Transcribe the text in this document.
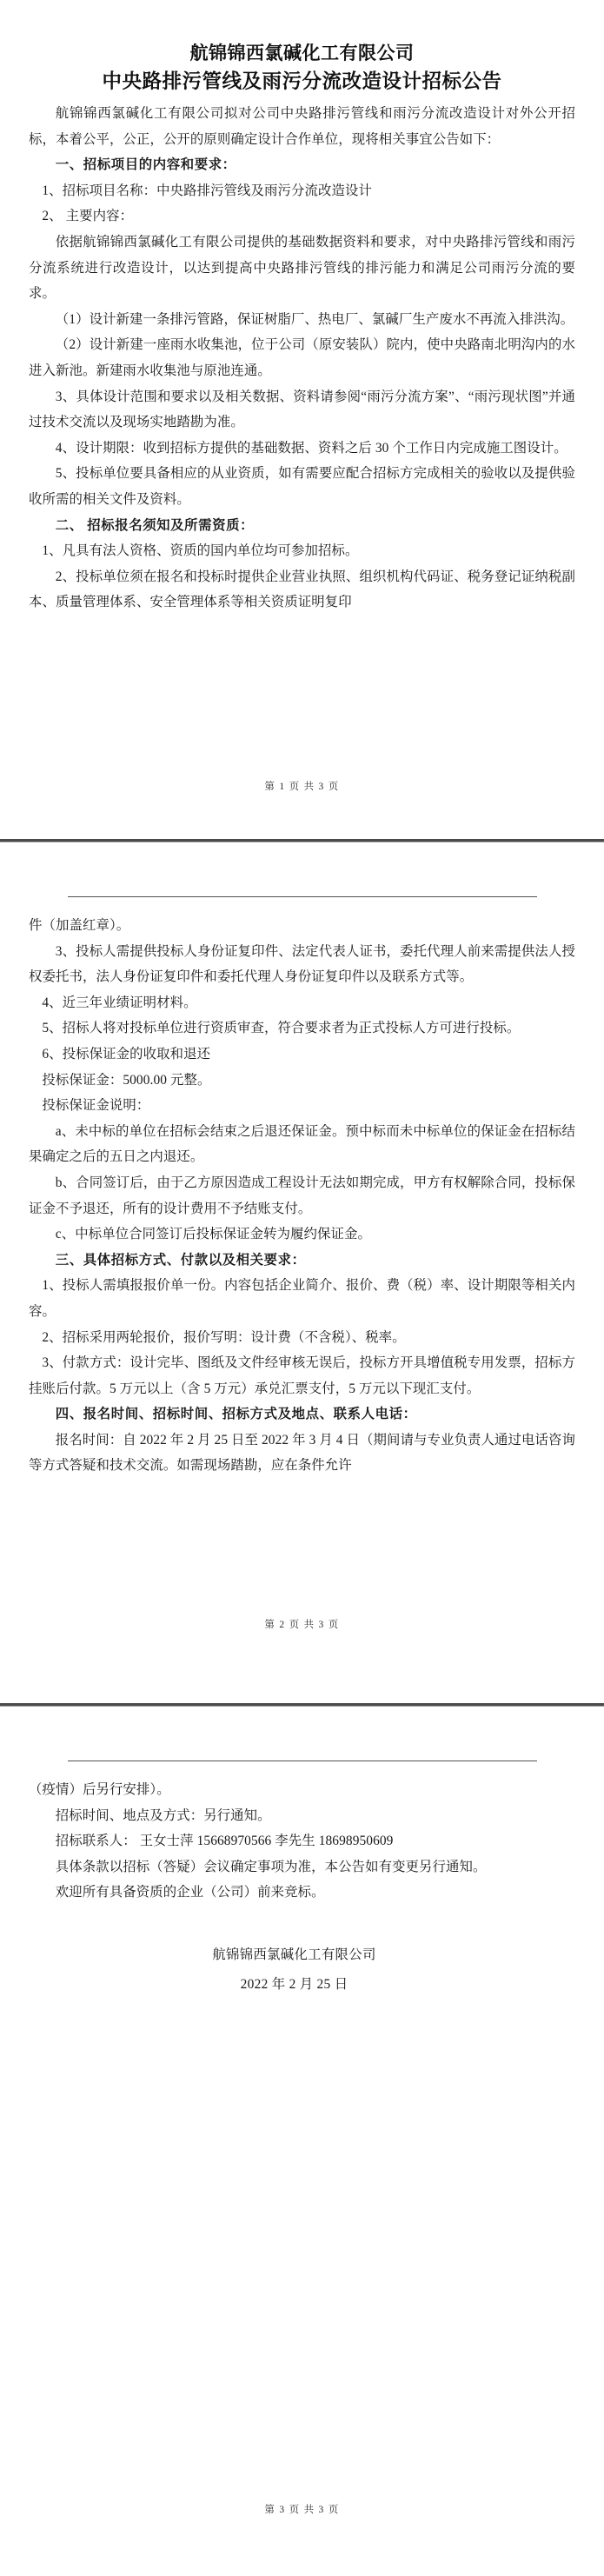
航锦锦西氯碱化工有限公司
中央路排污管线及雨污分流改造设计招标公告

航锦锦西氯碱化工有限公司拟对公司中央路排污管线和雨污分流改造设计对外公开招标，本着公平，公正，公开的原则确定设计合作单位，现将相关事宜公告如下：

一、招标项目的内容和要求：

1、招标项目名称：中央路排污管线及雨污分流改造设计

2、 主要内容：

依据航锦锦西氯碱化工有限公司提供的基础数据资料和要求，对中央路排污管线和雨污分流系统进行改造设计，以达到提高中央路排污管线的排污能力和满足公司雨污分流的要求。

（1）设计新建一条排污管路，保证树脂厂、热电厂、氯碱厂生产废水不再流入排洪沟。

（2）设计新建一座雨水收集池，位于公司（原安装队）院内，使中央路南北明沟内的水进入新池。新建雨水收集池与原池连通。

3、具体设计范围和要求以及相关数据、资料请参阅“雨污分流方案”、“雨污现状图”并通过技术交流以及现场实地踏勘为准。

4、设计期限：收到招标方提供的基础数据、资料之后 30 个工作日内完成施工图设计。

5、投标单位要具备相应的从业资质，如有需要应配合招标方完成相关的验收以及提供验收所需的相关文件及资料。

二、 招标报名须知及所需资质：

1、凡具有法人资格、资质的国内单位均可参加招标。

2、投标单位须在报名和投标时提供企业营业执照、组织机构代码证、税务登记证纳税副本、质量管理体系、安全管理体系等相关资质证明复印

第 1 页 共 3 页

件（加盖红章）。

3、投标人需提供投标人身份证复印件、法定代表人证书，委托代理人前来需提供法人授权委托书，法人身份证复印件和委托代理人身份证复印件以及联系方式等。

4、近三年业绩证明材料。

5、招标人将对投标单位进行资质审查，符合要求者为正式投标人方可进行投标。

6、投标保证金的收取和退还

投标保证金：5000.00 元整。

投标保证金说明：

a、未中标的单位在招标会结束之后退还保证金。预中标而未中标单位的保证金在招标结果确定之后的五日之内退还。

b、合同签订后，由于乙方原因造成工程设计无法如期完成，甲方有权解除合同，投标保证金不予退还，所有的设计费用不予结账支付。

c、中标单位合同签订后投标保证金转为履约保证金。

三、具体招标方式、付款以及相关要求：

1、投标人需填报报价单一份。内容包括企业简介、报价、费（税）率、设计期限等相关内容。

2、招标采用两轮报价，报价写明：设计费（不含税）、税率。

3、付款方式：设计完毕、图纸及文件经审核无误后，投标方开具增值税专用发票，招标方挂账后付款。5 万元以上（含 5 万元）承兑汇票支付，5 万元以下现汇支付。

四、报名时间、招标时间、招标方式及地点、联系人电话：

报名时间：自 2022 年 2 月 25 日至 2022 年 3 月 4 日（期间请与专业负责人通过电话咨询等方式答疑和技术交流。如需现场踏勘，应在条件允许

第 2 页 共 3 页

（疫情）后另行安排）。

招标时间、地点及方式：另行通知。

招标联系人： 王女士萍 15668970566 李先生 18698950609

具体条款以招标（答疑）会议确定事项为准，本公告如有变更另行通知。

欢迎所有具备资质的企业（公司）前来竞标。

航锦锦西氯碱化工有限公司
2022 年 2 月 25 日
第 3 页 共 3 页
